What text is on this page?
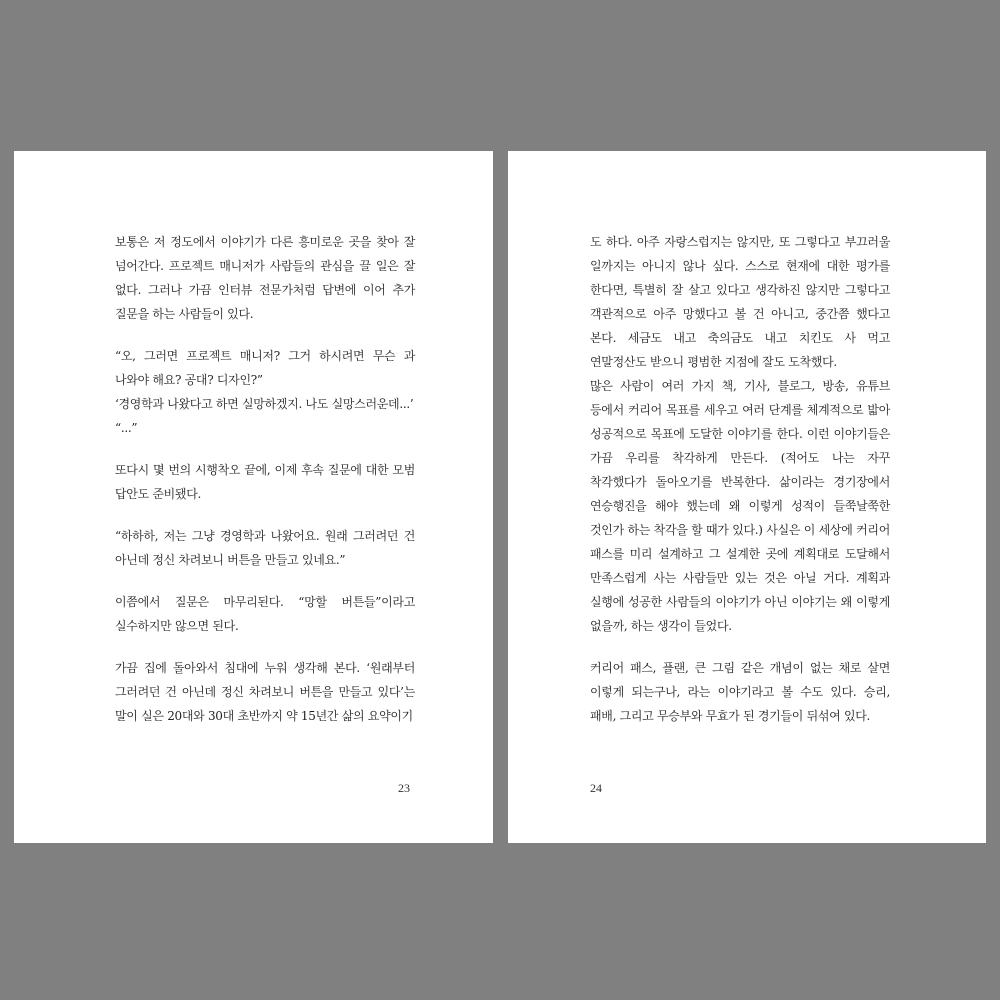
보통은 저 정도에서 이야기가 다른 흥미로운 곳을 찾아 잘 넘어간다. 프로젝트 매니저가 사람들의 관심을 끌 일은 잘 없다. 그러나 가끔 인터뷰 전문가처럼 답변에 이어 추가 질문을 하는 사람들이 있다.

“오, 그러면 프로젝트 매니저? 그거 하시려면 무슨 과 나와야 해요? 공대? 디자인?”

‘경영학과 나왔다고 하면 실망하겠지. 나도 실망스러운데...’

“...”

또다시 몇 번의 시행착오 끝에, 이제 후속 질문에 대한 모범 답안도 준비됐다.

“하하하, 저는 그냥 경영학과 나왔어요. 원래 그러려던 건 아닌데 정신 차려보니 버튼을 만들고 있네요.”

이쯤에서 질문은 마무리된다. “망할 버튼들”이라고 실수하지만 않으면 된다.

가끔 집에 돌아와서 침대에 누워 생각해 본다. ‘원래부터 그러려던 건 아닌데 정신 차려보니 버튼을 만들고 있다’는 말이 실은 20대와 30대 초반까지 약 15년간 삶의 요약이기

23

도 하다. 아주 자랑스럽지는 않지만, 또 그렇다고 부끄러울 일까지는 아니지 않나 싶다. 스스로 현재에 대한 평가를 한다면, 특별히 잘 살고 있다고 생각하진 않지만 그렇다고 객관적으로 아주 망했다고 볼 건 아니고, 중간쯤 했다고 본다. 세금도 내고 축의금도 내고 치킨도 사 먹고 연말정산도 받으니 평범한 지점에 잘도 도착했다.

많은 사람이 여러 가지 책, 기사, 블로그, 방송, 유튜브 등에서 커리어 목표를 세우고 여러 단계를 체계적으로 밟아 성공적으로 목표에 도달한 이야기를 한다. 이런 이야기들은 가끔 우리를 착각하게 만든다. (적어도 나는 자꾸 착각했다가 돌아오기를 반복한다. 삶이라는 경기장에서 연승행진을 해야 했는데 왜 이렇게 성적이 들쭉날쭉한 것인가 하는 착각을 할 때가 있다.) 사실은 이 세상에 커리어 패스를 미리 설계하고 그 설계한 곳에 계획대로 도달해서 만족스럽게 사는 사람들만 있는 것은 아닐 거다. 계획과 실행에 성공한 사람들의 이야기가 아닌 이야기는 왜 이렇게 없을까, 하는 생각이 들었다.

커리어 패스, 플랜, 큰 그림 같은 개념이 없는 채로 살면 이렇게 되는구나, 라는 이야기라고 볼 수도 있다. 승리, 패배, 그리고 무승부와 무효가 된 경기들이 뒤섞여 있다.

24
